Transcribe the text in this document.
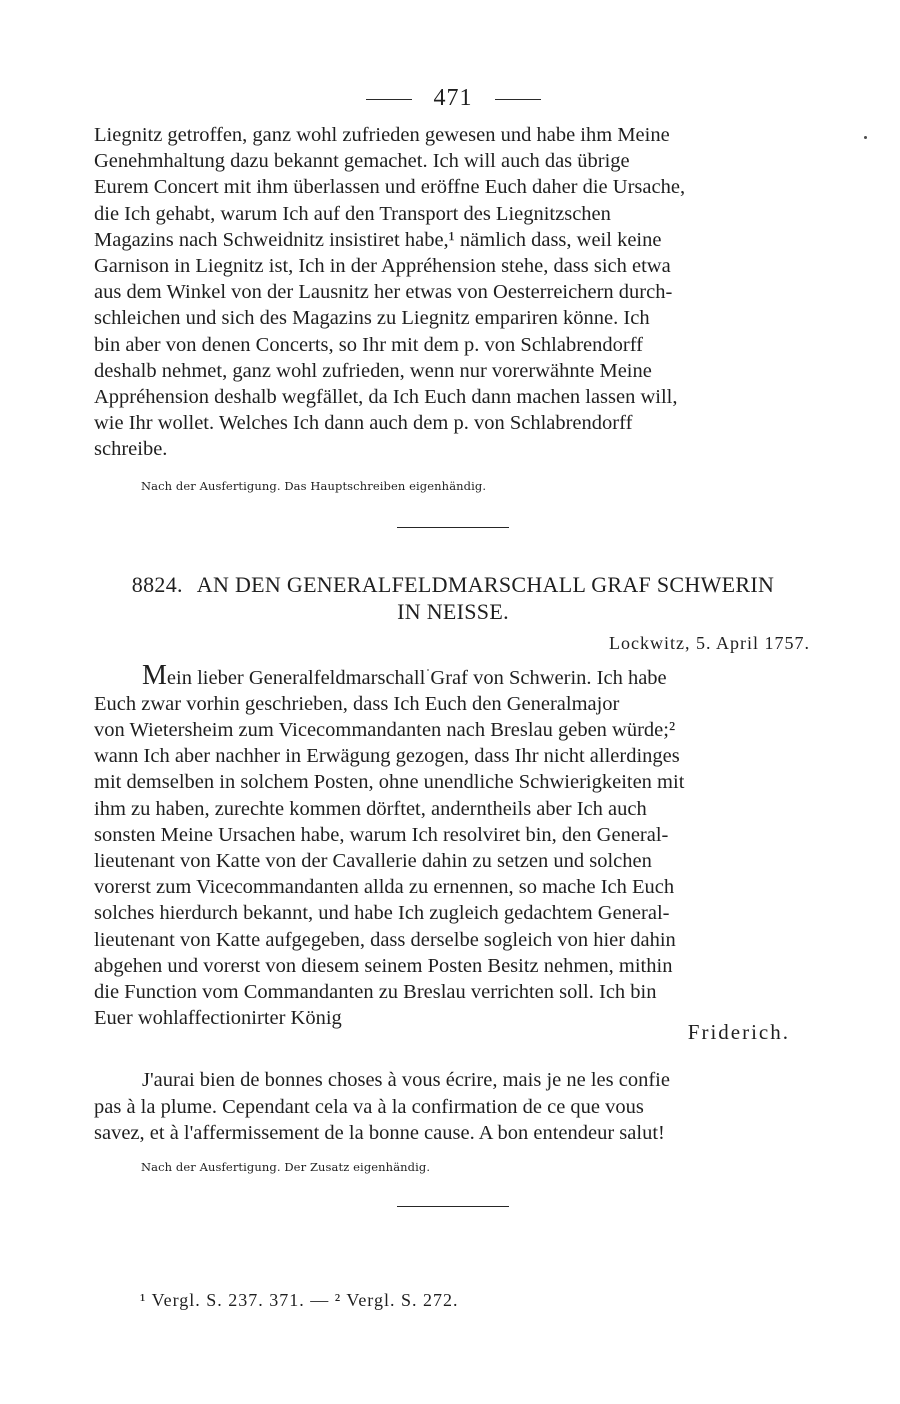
471

Liegnitz getroffen, ganz wohl zufrieden gewesen und habe ihm Meine
Genehmhaltung dazu bekannt gemachet. Ich will auch das übrige
Eurem Concert mit ihm überlassen und eröffne Euch daher die Ursache,
die Ich gehabt, warum Ich auf den Transport des Liegnitzschen
Magazins nach Schweidnitz insistiret habe,¹ nämlich dass, weil keine
Garnison in Liegnitz ist, Ich in der Appréhension stehe, dass sich etwa
aus dem Winkel von der Lausnitz her etwas von Oesterreichern durch-
schleichen und sich des Magazins zu Liegnitz empariren könne. Ich
bin aber von denen Concerts, so Ihr mit dem p. von Schlabrendorff
deshalb nehmet, ganz wohl zufrieden, wenn nur vorerwähnte Meine
Appréhension deshalb wegfället, da Ich Euch dann machen lassen will,
wie Ihr wollet. Welches Ich dann auch dem p. von Schlabrendorff
schreibe.

Nach der Ausfertigung. Das Hauptschreiben eigenhändig.
8824. AN DEN GENERALFELDMARSCHALL GRAF SCHWERIN
IN NEISSE.
Lockwitz, 5. April 1757.

Mein lieber Generalfeldmarschall Graf von Schwerin. Ich habe
Euch zwar vorhin geschrieben, dass Ich Euch den Generalmajor
von Wietersheim zum Vicecommandanten nach Breslau geben würde;²
wann Ich aber nachher in Erwägung gezogen, dass Ihr nicht allerdinges
mit demselben in solchem Posten, ohne unendliche Schwierigkeiten mit
ihm zu haben, zurechte kommen dörftet, anderntheils aber Ich auch
sonsten Meine Ursachen habe, warum Ich resolviret bin, den General-
lieutenant von Katte von der Cavallerie dahin zu setzen und solchen
vorerst zum Vicecommandanten allda zu ernennen, so mache Ich Euch
solches hierdurch bekannt, und habe Ich zugleich gedachtem General-
lieutenant von Katte aufgegeben, dass derselbe sogleich von hier dahin
abgehen und vorerst von diesem seinem Posten Besitz nehmen, mithin
die Function vom Commandanten zu Breslau verrichten soll. Ich bin
Euer wohlaffectionirter König

Friderich.

J'aurai bien de bonnes choses à vous écrire, mais je ne les confie
pas à la plume. Cependant cela va à la confirmation de ce que vous
savez, et à l'affermissement de la bonne cause. A bon entendeur salut!

Nach der Ausfertigung. Der Zusatz eigenhändig.
¹ Vergl. S. 237. 371. — ² Vergl. S. 272.
